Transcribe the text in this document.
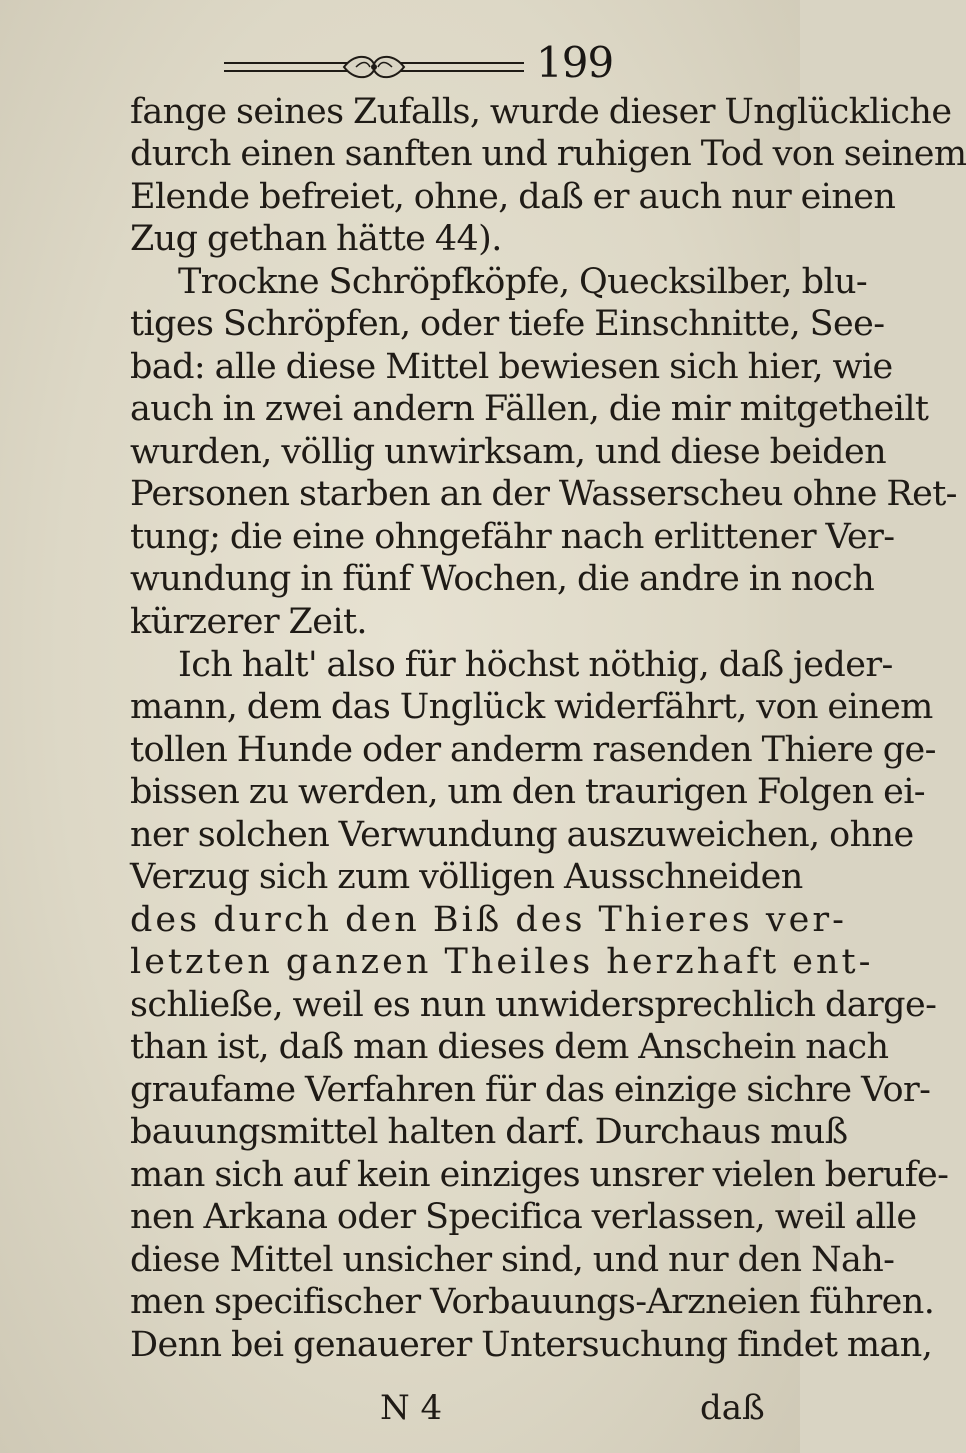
199
fange seines Zufalls, wurde dieser Unglückliche
durch einen sanften und ruhigen Tod von seinem
Elende befreiet, ohne, daß er auch nur einen
Zug gethan hätte 44).
Trockne Schröpfköpfe, Quecksilber, blu-
tiges Schröpfen, oder tiefe Einschnitte, See-
bad: alle diese Mittel bewiesen sich hier, wie
auch in zwei andern Fällen, die mir mitgetheilt
wurden, völlig unwirksam, und diese beiden
Personen starben an der Wasserscheu ohne Ret-
tung; die eine ohngefähr nach erlittener Ver-
wundung in fünf Wochen, die andre in noch
kürzerer Zeit.
Ich halt' also für höchst nöthig, daß jeder-
mann, dem das Unglück widerfährt, von einem
tollen Hunde oder anderm rasenden Thiere ge-
bissen zu werden, um den traurigen Folgen ei-
ner solchen Verwundung auszuweichen, ohne
Verzug sich zum völligen Ausschneiden
des durch den Biß des Thieres ver-
letzten ganzen Theiles herzhaft ent-
schließe, weil es nun unwidersprechlich darge-
than ist, daß man dieses dem Anschein nach
graufame Verfahren für das einzige sichre Vor-
bauungsmittel halten darf. Durchaus muß
man sich auf kein einziges unsrer vielen berufe-
nen Arkana oder Specifica verlassen, weil alle
diese Mittel unsicher sind, und nur den Nah-
men specifischer Vorbauungs-Arzneien führen.
Denn bei genauerer Untersuchung findet man,
N 4	daß
